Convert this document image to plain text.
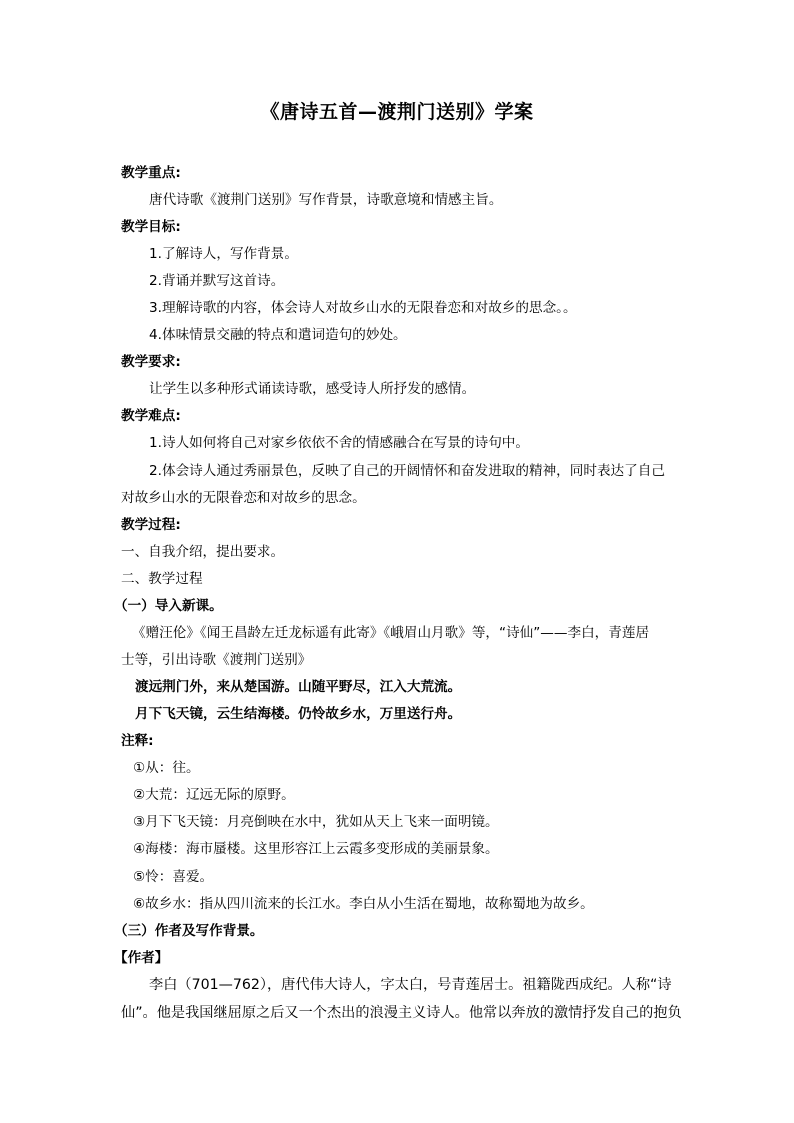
《唐诗五首—渡荆门送别》学案
教学重点:
唐代诗歌《渡荆门送别》写作背景，诗歌意境和情感主旨。
教学目标:
1.了解诗人，写作背景。
2.背诵并默写这首诗。
3.理解诗歌的内容，体会诗人对故乡山水的无限眷恋和对故乡的思念。。
4.体味情景交融的特点和遣词造句的妙处。
教学要求:
让学生以多种形式诵读诗歌，感受诗人所抒发的感情。
教学难点:
1.诗人如何将自己对家乡依依不舍的情感融合在写景的诗句中。
2.体会诗人通过秀丽景色，反映了自己的开阔情怀和奋发进取的精神，同时表达了自己
对故乡山水的无限眷恋和对故乡的思念。
教学过程:
一、自我介绍，提出要求。
二、教学过程
（一）导入新课。
《赠汪伦》《闻王昌龄左迁龙标遥有此寄》《峨眉山月歌》等，“诗仙”——李白，青莲居
士等，引出诗歌《渡荆门送别》
渡远荆门外，来从楚国游。山随平野尽，江入大荒流。
月下飞天镜，云生结海楼。仍怜故乡水，万里送行舟。
注释:
①从：往。
②大荒：辽远无际的原野。
③月下飞天镜：月亮倒映在水中，犹如从天上飞来一面明镜。
④海楼：海市蜃楼。这里形容江上云霞多变形成的美丽景象。
⑤怜：喜爱。
⑥故乡水：指从四川流来的长江水。李白从小生活在蜀地，故称蜀地为故乡。
（三）作者及写作背景。
【作者】
李白（701—762），唐代伟大诗人，字太白，号青莲居士。祖籍陇西成纪。人称“诗
仙”。他是我国继屈原之后又一个杰出的浪漫主义诗人。他常以奔放的激情抒发自己的抱负
